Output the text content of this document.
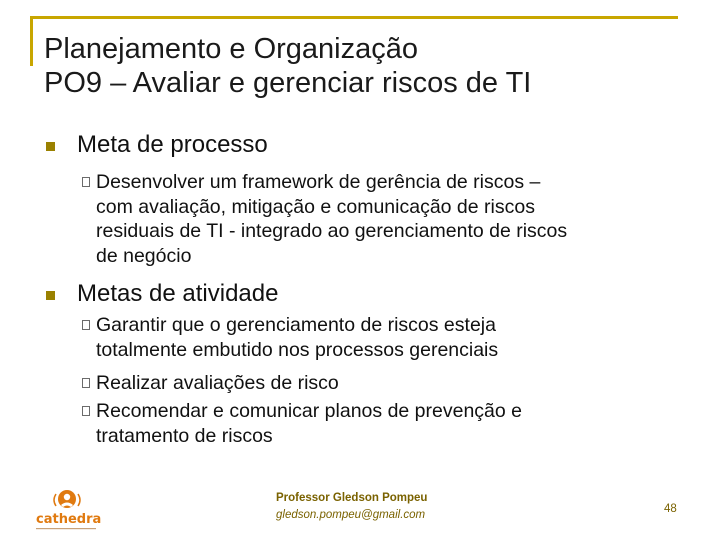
Planejamento e Organização
PO9 – Avaliar e gerenciar riscos de TI
Meta de processo
Desenvolver um framework de gerência de riscos –
com avaliação, mitigação e comunicação de riscos
residuais de TI - integrado ao gerenciamento de riscos
de negócio
Metas de atividade
Garantir que o gerenciamento de riscos esteja
totalmente embutido nos processos gerenciais
Realizar avaliações de risco
Recomendar e comunicar planos de prevenção e
tratamento de riscos
cathedra
Professor Gledson Pompeu
gledson.pompeu@gmail.com	48
